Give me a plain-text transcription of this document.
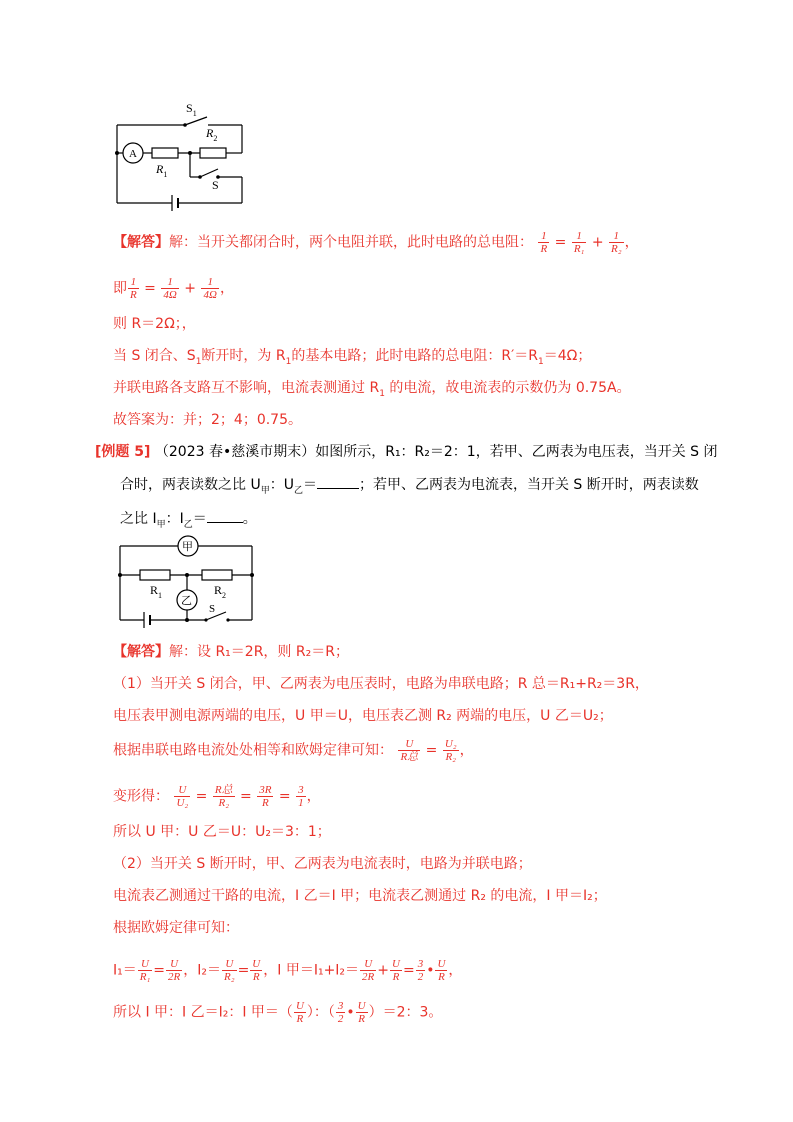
$S_1$
$R_2$
A
$R_1$
S
【解答】解：当开关都闭合时，两个电阻并联，此时电路的总电阻： $\frac{1}{R} = \frac{1}{\text{R₁}} + \frac{1}{\text{R₂}}$ ，
即 $\frac{1}{R} = \frac{1}{4\Omega} + \frac{1}{4\Omega}$ ，
则 R＝2Ω；，
当 S 闭合、$S_1$断开时，为 $R_1$的基本电路；此时电路的总电阻：$R'=R_1=4\Omega$；
并联电路各支路互不影响，电流表测通过 $R_1$ 的电流，故电流表的示数仍为 0.75A。
故答案为：并；2；4；0.75。
[例题 5] （2023 春•慈溪市期末）如图所示，R₁：R₂＝2：1，若甲、乙两表为电压表，当开关 S 闭
合时，两表读数之比 $U_甲$：$U_乙=$	；若甲、乙两表为电流表，当开关 S 断开时，两表读数
之比 $I_甲$：$I_乙=$	。
甲
乙
$R_1$	$R_2$
S
【解答】解：设 R₁＝2R，则 R₂＝R；
（1）当开关 S 闭合，甲、乙两表为电压表时，电路为串联电路；R 总＝R₁+R₂＝3R，
电压表甲测电源两端的电压，U 甲＝U，电压表乙测 R₂ 两端的电压，U 乙＝U₂；
根据串联电路电流处处相等和欧姆定律可知： $\frac{U}{\text{R总}} = \frac{\text{U₂}}{\text{R₂}}$ ，
变形得： $\frac{U}{\text{U₂}} = \frac{\text{R总}}{\text{R₂}} = \frac{3R}{R} = \frac{3}{1}$ ，
所以 U 甲：U 乙＝U：U₂＝3：1；
（2）当开关 S 断开时，甲、乙两表为电流表时，电路为并联电路；
电流表乙测通过干路的电流，I 乙＝I 甲；电流表乙测通过 R₂ 的电流，I 甲＝I₂；
根据欧姆定律可知：
$I_1= \frac{U}{\text{R₁}} = \frac{U}{2R}$ ，$I_2= \frac{U}{\text{R₂}} = \frac{U}{R}$ ，I 甲$=I_1+I_2= \frac{U}{2R} + \frac{U}{R} = \frac{3}{2}$ • $\frac{U}{R}$ ，
所以 I 甲：I 乙＝I₂：I 甲＝（ $\frac{U}{R}$ ）：（ $\frac{3}{2}$ • $\frac{U}{R} )=2$：3。
